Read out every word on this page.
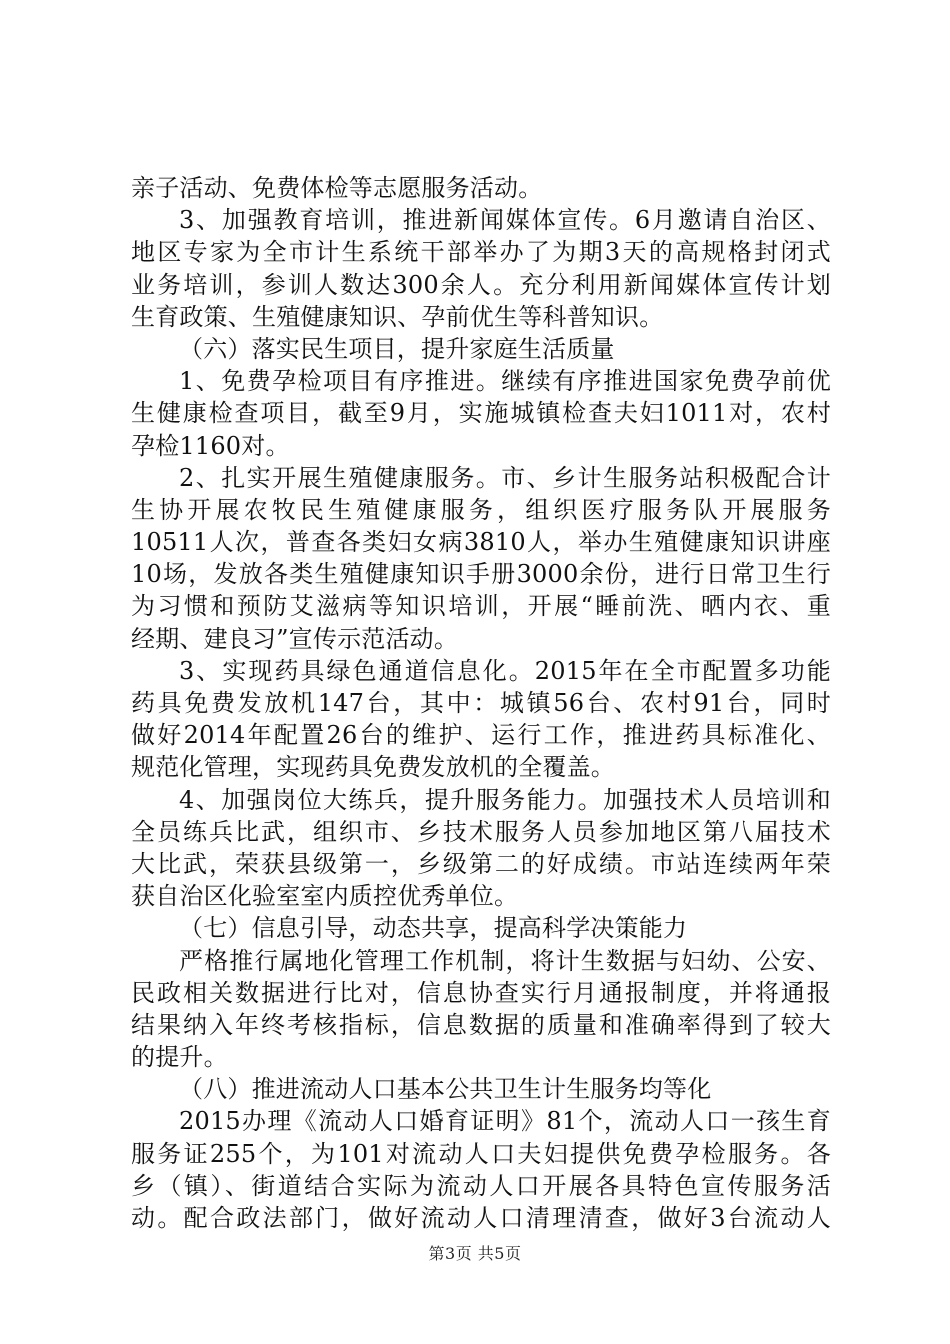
亲子活动、免费体检等志愿服务活动。
3、加强教育培训，推进新闻媒体宣传。6月邀请自治区、
地区专家为全市计生系统干部举办了为期3天的高规格封闭式
业务培训，参训人数达300余人。充分利用新闻媒体宣传计划
生育政策、生殖健康知识、孕前优生等科普知识。
（六）落实民生项目，提升家庭生活质量
1、免费孕检项目有序推进。继续有序推进国家免费孕前优
生健康检查项目，截至9月，实施城镇检查夫妇1011对，农村
孕检1160对。
2、扎实开展生殖健康服务。市、乡计生服务站积极配合计
生协开展农牧民生殖健康服务，组织医疗服务队开展服务
10511人次，普查各类妇女病3810人，举办生殖健康知识讲座
10场，发放各类生殖健康知识手册3000余份，进行日常卫生行
为习惯和预防艾滋病等知识培训，开展“睡前洗、晒内衣、重
经期、建良习”宣传示范活动。
3、实现药具绿色通道信息化。2015年在全市配置多功能
药具免费发放机147台，其中：城镇56台、农村91台，同时
做好2014年配置26台的维护、运行工作，推进药具标准化、
规范化管理，实现药具免费发放机的全覆盖。
4、加强岗位大练兵，提升服务能力。加强技术人员培训和
全员练兵比武，组织市、乡技术服务人员参加地区第八届技术
大比武，荣获县级第一，乡级第二的好成绩。市站连续两年荣
获自治区化验室室内质控优秀单位。
（七）信息引导，动态共享，提高科学决策能力
严格推行属地化管理工作机制，将计生数据与妇幼、公安、
民政相关数据进行比对，信息协查实行月通报制度，并将通报
结果纳入年终考核指标，信息数据的质量和准确率得到了较大
的提升。
（八）推进流动人口基本公共卫生计生服务均等化
2015办理《流动人口婚育证明》81个，流动人口一孩生育
服务证255个，为101对流动人口夫妇提供免费孕检服务。各
乡（镇）、街道结合实际为流动人口开展各具特色宣传服务活
动。配合政法部门，做好流动人口清理清查，做好3台流动人
第3页 共5页
